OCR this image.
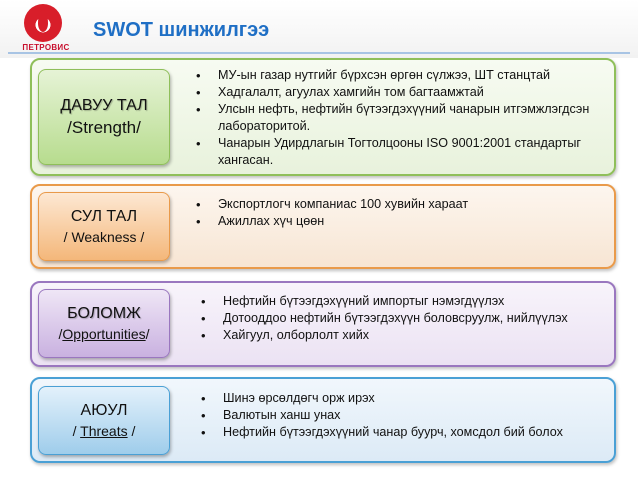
ПЕТРОВИС
SWOT шинжилгээ
ДАВУУ ТАЛ
/Strength/
• МУ-ын газар нутгийг бүрхсэн өргөн сүлжээ, ШТ станцтай
• Хадгалалт, агуулах хамгийн том багтаамжтай
• Улсын нефть, нефтийн бүтээгдэхүүний чанарын итгэмжлэгдсэн лабораторитой.
• Чанарын Удирдлагын Тогтолцооны ISO 9001:2001 стандартыг хангасан.
СУЛ ТАЛ
/ Weakness /
• Экспортлогч компаниас 100 хувийн хараат
• Ажиллах хүч цөөн
БОЛОМЖ
/Opportunities/
• Нефтийн бүтээгдэхүүний импортыг нэмэгдүүлэх
• Дотооддоо нефтийн бүтээгдэхүүн боловсруулж, нийлүүлэх
• Хайгуул, олборлолт хийх
АЮУЛ
/ Threats /
• Шинэ өрсөлдөгч орж ирэх
• Валютын ханш унах
• Нефтийн бүтээгдэхүүний чанар буурч, хомсдол бий болох
